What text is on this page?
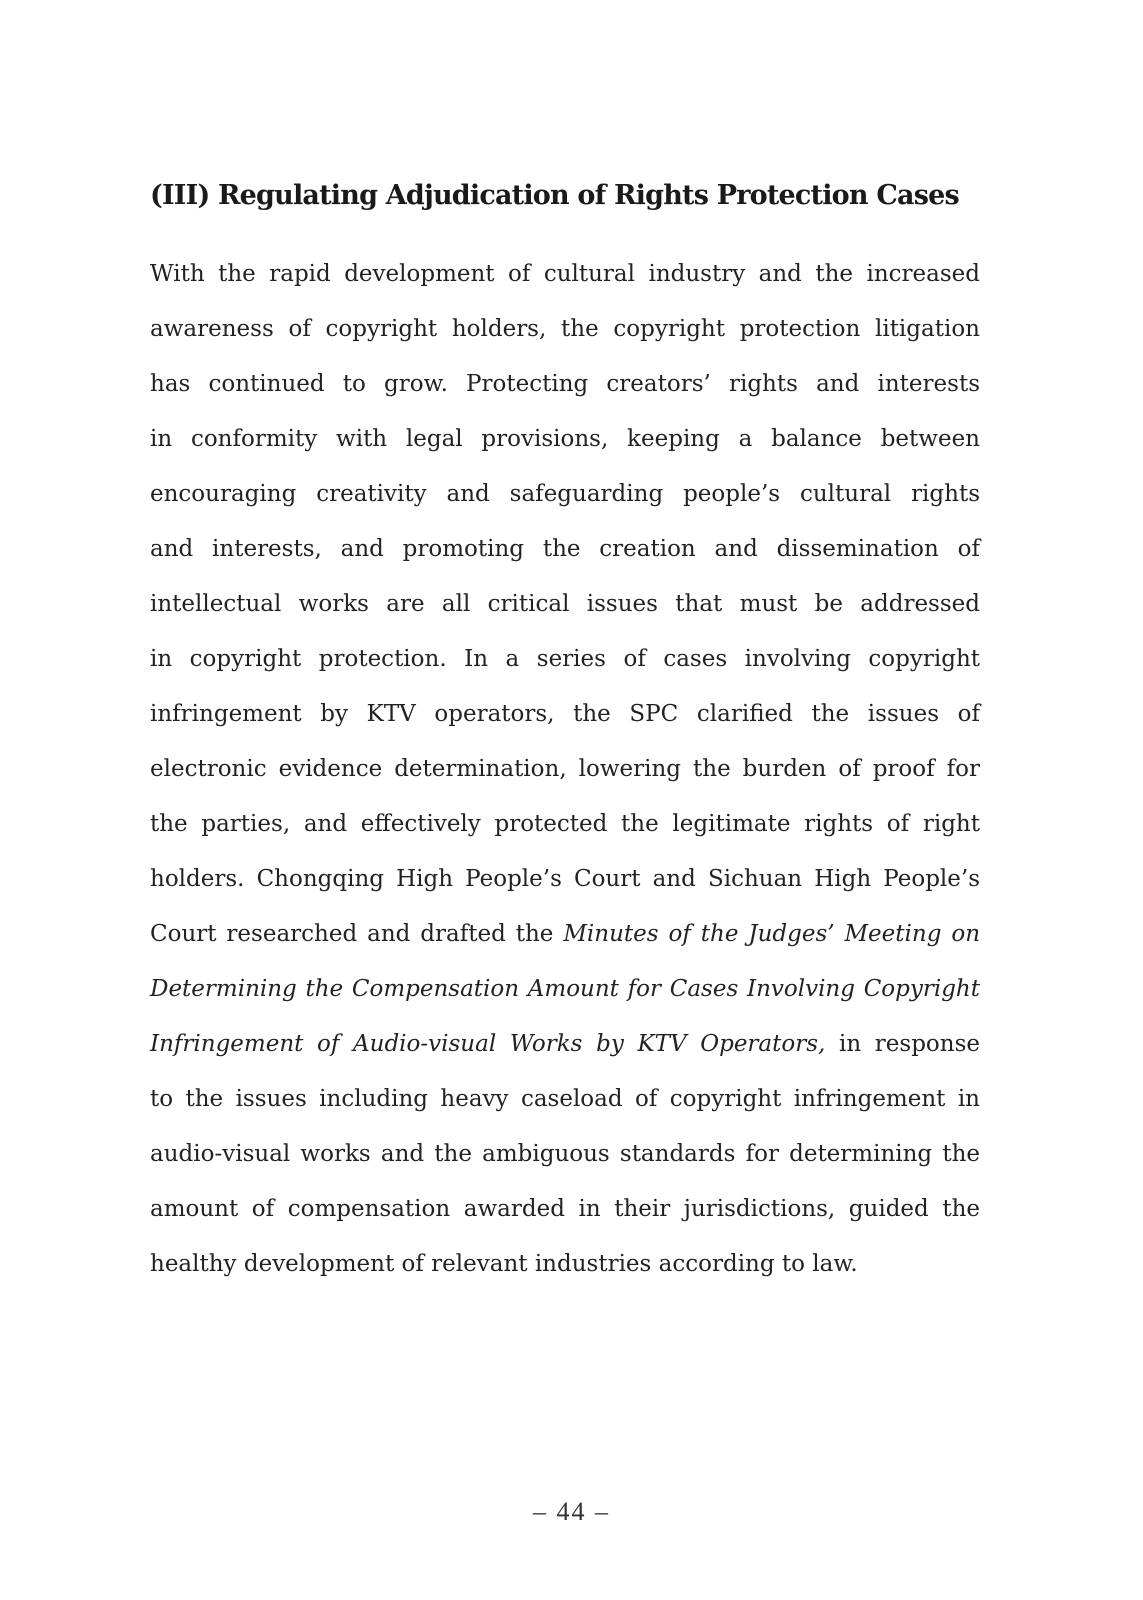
(III) Regulating Adjudication of Rights Protection Cases
With the rapid development of cultural industry and the increased
awareness of copyright holders, the copyright protection litigation
has continued to grow. Protecting creators’ rights and interests
in conformity with legal provisions, keeping a balance between
encouraging creativity and safeguarding people’s cultural rights
and interests, and promoting the creation and dissemination of
intellectual works are all critical issues that must be addressed
in copyright protection. In a series of cases involving copyright
infringement by KTV operators, the SPC clarified the issues of
electronic evidence determination, lowering the burden of proof for
the parties, and effectively protected the legitimate rights of right
holders. Chongqing High People’s Court and Sichuan High People’s
Court researched and drafted the Minutes of the Judges’ Meeting on
Determining the Compensation Amount for Cases Involving Copyright
Infringement of Audio-visual Works by KTV Operators, in response
to the issues including heavy caseload of copyright infringement in
audio-visual works and the ambiguous standards for determining the
amount of compensation awarded in their jurisdictions, guided the
healthy development of relevant industries according to law.
– 44 –
